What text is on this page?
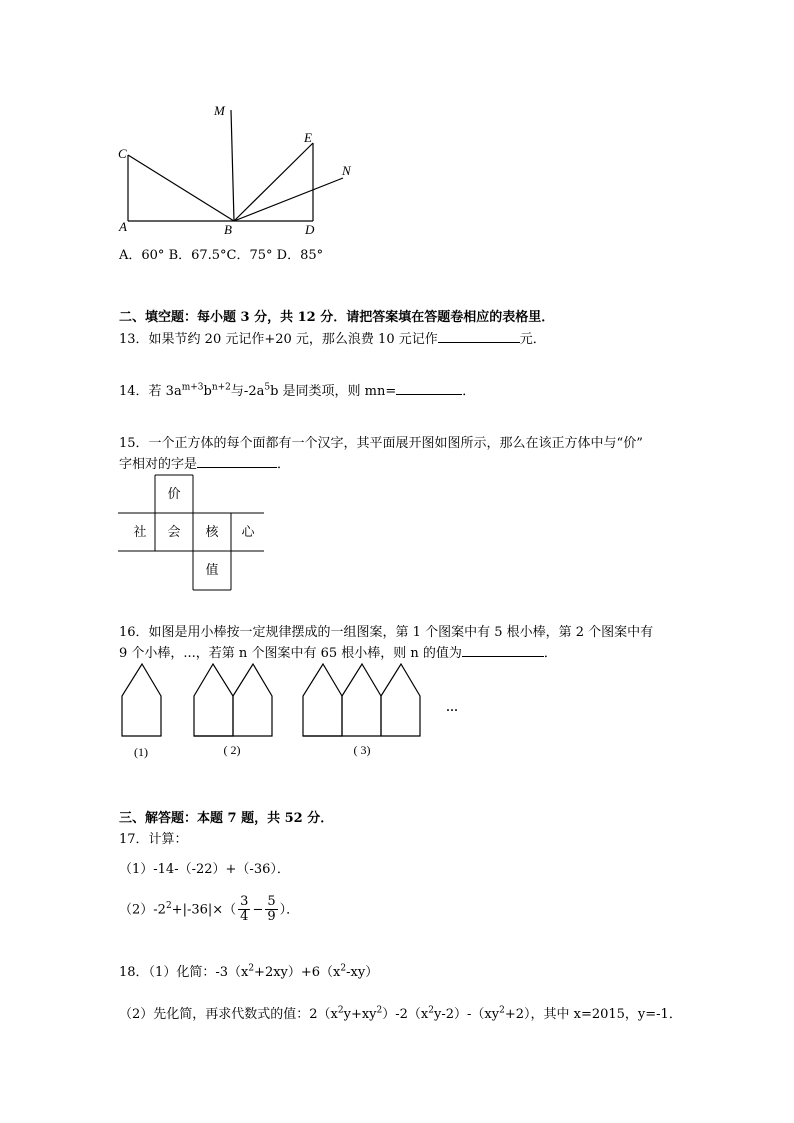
M
C
E
N
A	B	D
A．60° B．67.5°C．75° D．85°
二、填空题：每小题 3 分，共 12 分．请把答案填在答题卷相应的表格里．
13．如果节约 20 元记作+20 元，那么浪费 10 元记作	元．
14．若 $3a^{m+3}b^{n+2}$与$-2a^5b$ 是同类项，则 mn=	．
15．一个正方体的每个面都有一个汉字，其平面展开图如图所示，那么在该正方体中与“价”
字相对的字是	．
价
社 会 核 心
值
16．如图是用小棒按一定规律摆成的一组图案，第 1 个图案中有 5 根小棒，第 2 个图案中有
9 个小棒，...，若第 n 个图案中有 65 根小棒，则 n 的值为	．
(1)	( 2)	( 3)
···
三、解答题：本题 7 题，共 52 分．
17．计算：
（1）-14-（-22）+（-36）．
$(2)-2^2+|-36|\times( \frac{3}{4} - \frac{5}{9}$ ）．
18．（1）化简：$-3(x^2+2xy)+6(x^2-xy)$
（2）先化简，再求代数式的值：$2(x^2y+xy^2)-2(x^2y-2)-(xy^2+2)$，其中 x=2015，y=-1．
